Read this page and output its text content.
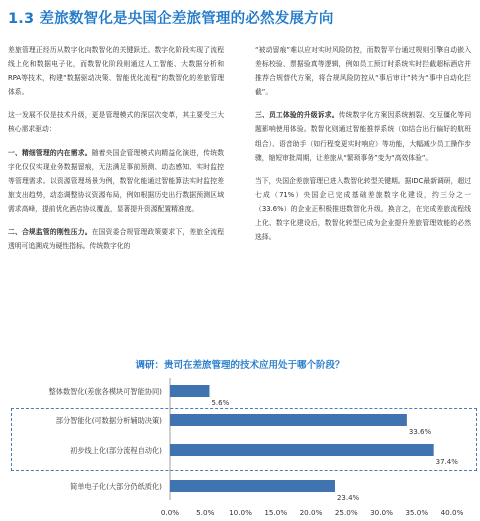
1.3 差旅数智化是央国企差旅管理的必然发展方向

差旅管理正经历从数字化向数智化的关键跃迁。数字化阶段实现了流程线上化和数据电子化，而数智化阶段则通过人工智能、大数据分析和RPA等技术，构建“数据驱动决策、智能优化流程”的数智化的差旅管理体系。

这一发展不仅是技术升级，更是管理模式的深层次变革，其主要受三大核心需求驱动：

一、精细管理的内在需求。随着央国企管理模式向精益化演进，传统数字化仅仅实现业务数据留痕，无法满足事前预测、动态感知、实时监控等管理需求。以资源管理场景为例，数智化能通过智能算法实时监控差旅支出趋势，动态调整协议资源布局，例如根据历史出行数据预测区域需求高峰，提前优化酒店协议覆盖，显著提升资源配置精准度。

二、合规监管的刚性压力。在国资委合规管理政策要求下，差旅全流程透明可追溯成为硬性指标。传统数字化的

“被动留痕”难以应对实时风险防控，而数智平台通过规则引擎自动嵌入差标校验、票据验真等逻辑，例如员工预订时系统实时拦截超标酒店并推荐合规替代方案，将合规风险防控从“事后审计”转为“事中自动化拦截”。

三、员工体验的升级诉求。传统数字化方案因系统割裂、交互僵化等问题影响使用体验。数智化则通过智能推荐系统（如结合出行偏好的航班组合）、语音助手（如行程变更实时响应）等功能，大幅减少员工操作步骤，缩短审批周期，让差旅从“繁琐事务”变为“高效体验”。

当下，央国企差旅管理已进入数智化转型关键期。据IDC最新调研，超过七成（71%）央国企已完成基础差旅数字化建设，约三分之一（33.6%）的企业正积极推进数智化升级。换言之，在完成差旅流程线上化、数字化建设后，数智化转型已成为企业提升差旅管理效能的必然选择。

调研：贵司在差旅管理的技术应用处于哪个阶段？
整体数智化(差旅各模块可智能协同)
5.6%
部分智能化(可数据分析辅助决策)
33.6%
初步线上化(部分流程自动化)
37.4%
简单电子化(大部分仍纸质化)
23.4%
0.0% 5.0% 10.0% 15.0% 20.0% 25.0% 30.0% 35.0% 40.0%
